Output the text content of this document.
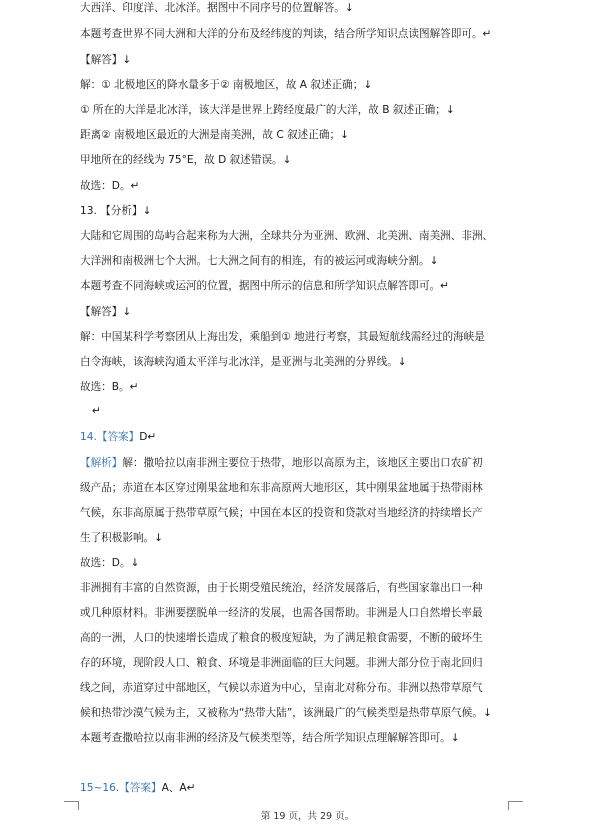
大西洋、印度洋、北冰洋。据图中不同序号的位置解答。↓
本题考查世界不同大洲和大洋的分布及经纬度的判读，结合所学知识点读图解答即可。↵
【解答】↓
解：① 北极地区的降水量多于② 南极地区，故 A 叙述正确；↓
① 所在的大洋是北冰洋，该大洋是世界上跨经度最广的大洋，故 B 叙述正确；↓
距离② 南极地区最近的大洲是南美洲，故 C 叙述正确；↓
甲地所在的经线为 75°E，故 D 叙述错误。↓
故选：D。↵
13. 【分析】↓
大陆和它周围的岛屿合起来称为大洲，全球共分为亚洲、欧洲、北美洲、南美洲、非洲、
大洋洲和南极洲七个大洲。七大洲之间有的相连，有的被运河或海峡分割。↓
本题考查不同海峡或运河的位置，据图中所示的信息和所学知识点解答即可。↵
【解答】↓
解：中国某科学考察团从上海出发，乘船到① 地进行考察，其最短航线需经过的海峡是
白令海峡，该海峡沟通太平洋与北冰洋，是亚洲与北美洲的分界线。↓
故选：B。↵
↵
14.【答案】D↵
【解析】解：撒哈拉以南非洲主要位于热带，地形以高原为主，该地区主要出口农矿初
级产品；赤道在本区穿过刚果盆地和东非高原两大地形区，其中刚果盆地属于热带雨林
气候，东非高原属于热带草原气候；中国在本区的投资和贷款对当地经济的持续增长产
生了积极影响。↓
故选：D。↓
非洲拥有丰富的自然资源，由于长期受殖民统治，经济发展落后，有些国家靠出口一种
或几种原材料。非洲要摆脱单一经济的发展，也需各国帮助。非洲是人口自然增长率最
高的一洲，人口的快速增长造成了粮食的极度短缺，为了满足粮食需要，不断的破坏生
存的环境，现阶段人口、粮食、环境是非洲面临的巨大问题。非洲大部分位于南北回归
线之间，赤道穿过中部地区，气候以赤道为中心，呈南北对称分布。非洲以热带草原气
候和热带沙漠气候为主，又被称为“热带大陆”，该洲最广的气候类型是热带草原气候。↓
本题考查撒哈拉以南非洲的经济及气候类型等，结合所学知识点理解解答即可。↓
15~16.【答案】A、A↵
第 19 页，共 29 页。
